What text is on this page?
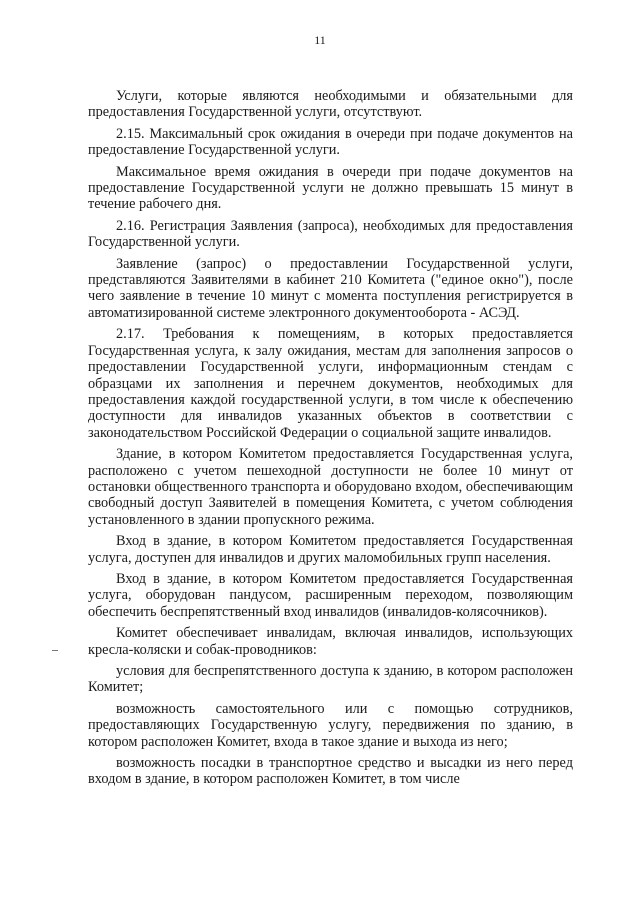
11

Услуги, которые являются необходимыми и обязательными для предоставления Государственной услуги, отсутствуют.

2.15. Максимальный срок ожидания в очереди при подаче документов на предоставление Государственной услуги.

Максимальное время ожидания в очереди при подаче документов на предоставление Государственной услуги не должно превышать 15 минут в течение рабочего дня.

2.16. Регистрация Заявления (запроса), необходимых для предоставления Государственной услуги.

Заявление (запрос) о предоставлении Государственной услуги, представляются Заявителями в кабинет 210 Комитета ("единое окно"), после чего заявление в течение 10 минут с момента поступления регистрируется в автоматизированной системе электронного документооборота - АСЭД.

2.17. Требования к помещениям, в которых предоставляется Государственная услуга, к залу ожидания, местам для заполнения запросов о предоставлении Государственной услуги, информационным стендам с образцами их заполнения и перечнем документов, необходимых для предоставления каждой государственной услуги, в том числе к обеспечению доступности для инвалидов указанных объектов в соответствии с законодательством Российской Федерации о социальной защите инвалидов.

Здание, в котором Комитетом предоставляется Государственная услуга, расположено с учетом пешеходной доступности не более 10 минут от остановки общественного транспорта и оборудовано входом, обеспечивающим свободный доступ Заявителей в помещения Комитета, с учетом соблюдения установленного в здании пропускного режима.

Вход в здание, в котором Комитетом предоставляется Государственная услуга, доступен для инвалидов и других маломобильных групп населения.

Вход в здание, в котором Комитетом предоставляется Государственная услуга, оборудован пандусом, расширенным переходом, позволяющим обеспечить беспрепятственный вход инвалидов (инвалидов-колясочников).

Комитет обеспечивает инвалидам, включая инвалидов, использующих кресла-коляски и собак-проводников:

условия для беспрепятственного доступа к зданию, в котором расположен Комитет;

возможность самостоятельного или с помощью сотрудников, предоставляющих Государственную услугу, передвижения по зданию, в котором расположен Комитет, входа в такое здание и выхода из него;

возможность посадки в транспортное средство и высадки из него перед входом в здание, в котором расположен Комитет, в том числе
